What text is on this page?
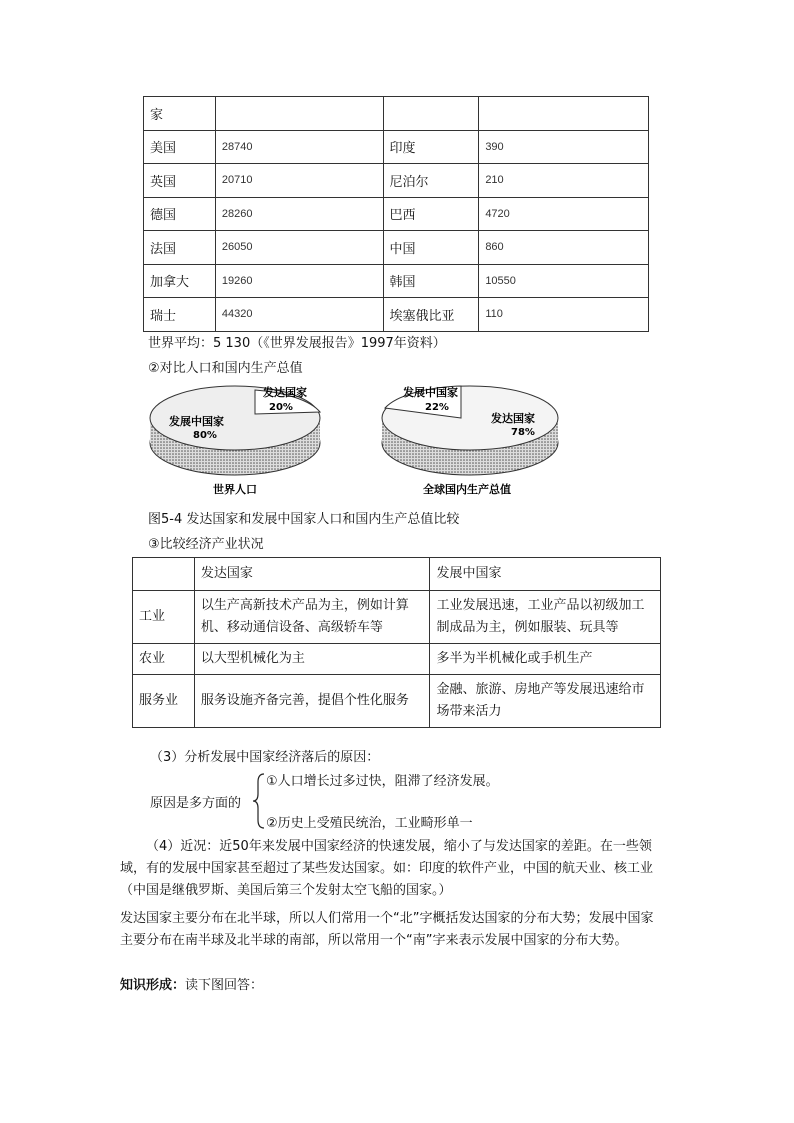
家			
美国	28740	印度	390
英国	20710	尼泊尔	210
德国	28260	巴西	4720
法国	26050	中国	860
加拿大	19260	韩国	10550
瑞士	44320	埃塞俄比亚	110
世界平均：5 130（《世界发展报告》1997年资料）
②对比人口和国内生产总值
发达国家
20%
发展中国家
80%
世界人口
发展中国家
22%
发达国家
78%
全球国内生产总值
图5-4 发达国家和发展中国家人口和国内生产总值比较
③比较经济产业状况
	发达国家	发展中国家
工业	以生产高新技术产品为主，例如计算机、移动通信设备、高级轿车等	工业发展迅速，工业产品以初级加工制成品为主，例如服装、玩具等
农业	以大型机械化为主	多半为半机械化或手机生产
服务业	服务设施齐备完善，提倡个性化服务	金融、旅游、房地产等发展迅速给市场带来活力
（3）分析发展中国家经济落后的原因：
原因是多方面的
①人口增长过多过快，阻滞了经济发展。
②历史上受殖民统治，工业畸形单一
（4）近况：近50年来发展中国家经济的快速发展，缩小了与发达国家的差距。在一些领域，有的发展中国家甚至超过了某些发达国家。如：印度的软件产业，中国的航天业、核工业（中国是继俄罗斯、美国后第三个发射太空飞船的国家。）
发达国家主要分布在北半球，所以人们常用一个“北”字概括发达国家的分布大势；发展中国家主要分布在南半球及北半球的南部，所以常用一个“南”字来表示发展中国家的分布大势。
知识形成：读下图回答：
